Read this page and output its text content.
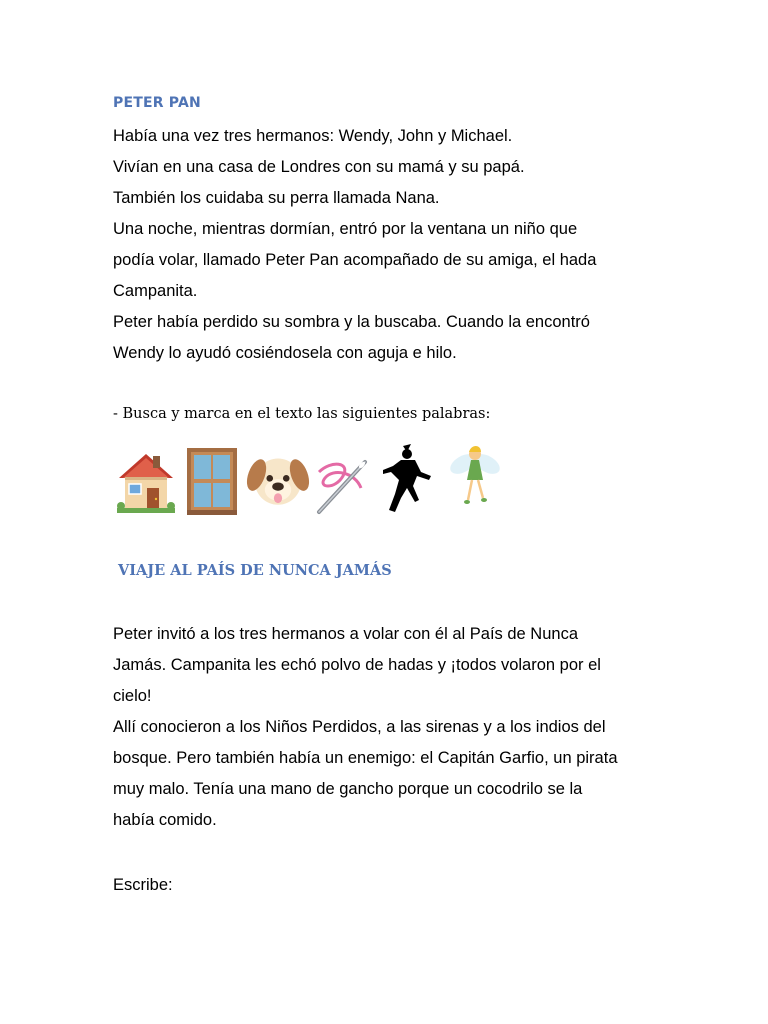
PETER PAN
Había una vez tres hermanos: Wendy, John y Michael.
Vivían en una casa de Londres con su mamá y su papá.
También los cuidaba su perra llamada Nana.
Una noche, mientras dormían, entró por la ventana un niño que
podía volar, llamado Peter Pan acompañado de su amiga, el hada
Campanita.
Peter había perdido su sombra y la buscaba. Cuando la encontró
Wendy lo ayudó cosiéndosela con aguja e hilo.
- Busca y marca en el texto las siguientes palabras:
VIAJE AL PAÍS DE NUNCA JAMÁS
Peter invitó a los tres hermanos a volar con él al País de Nunca
Jamás. Campanita les echó polvo de hadas y ¡todos volaron por el
cielo!
Allí conocieron a los Niños Perdidos, a las sirenas y a los indios del
bosque. Pero también había un enemigo: el Capitán Garfio, un pirata
muy malo. Tenía una mano de gancho porque un cocodrilo se la
había comido.
Escribe:
